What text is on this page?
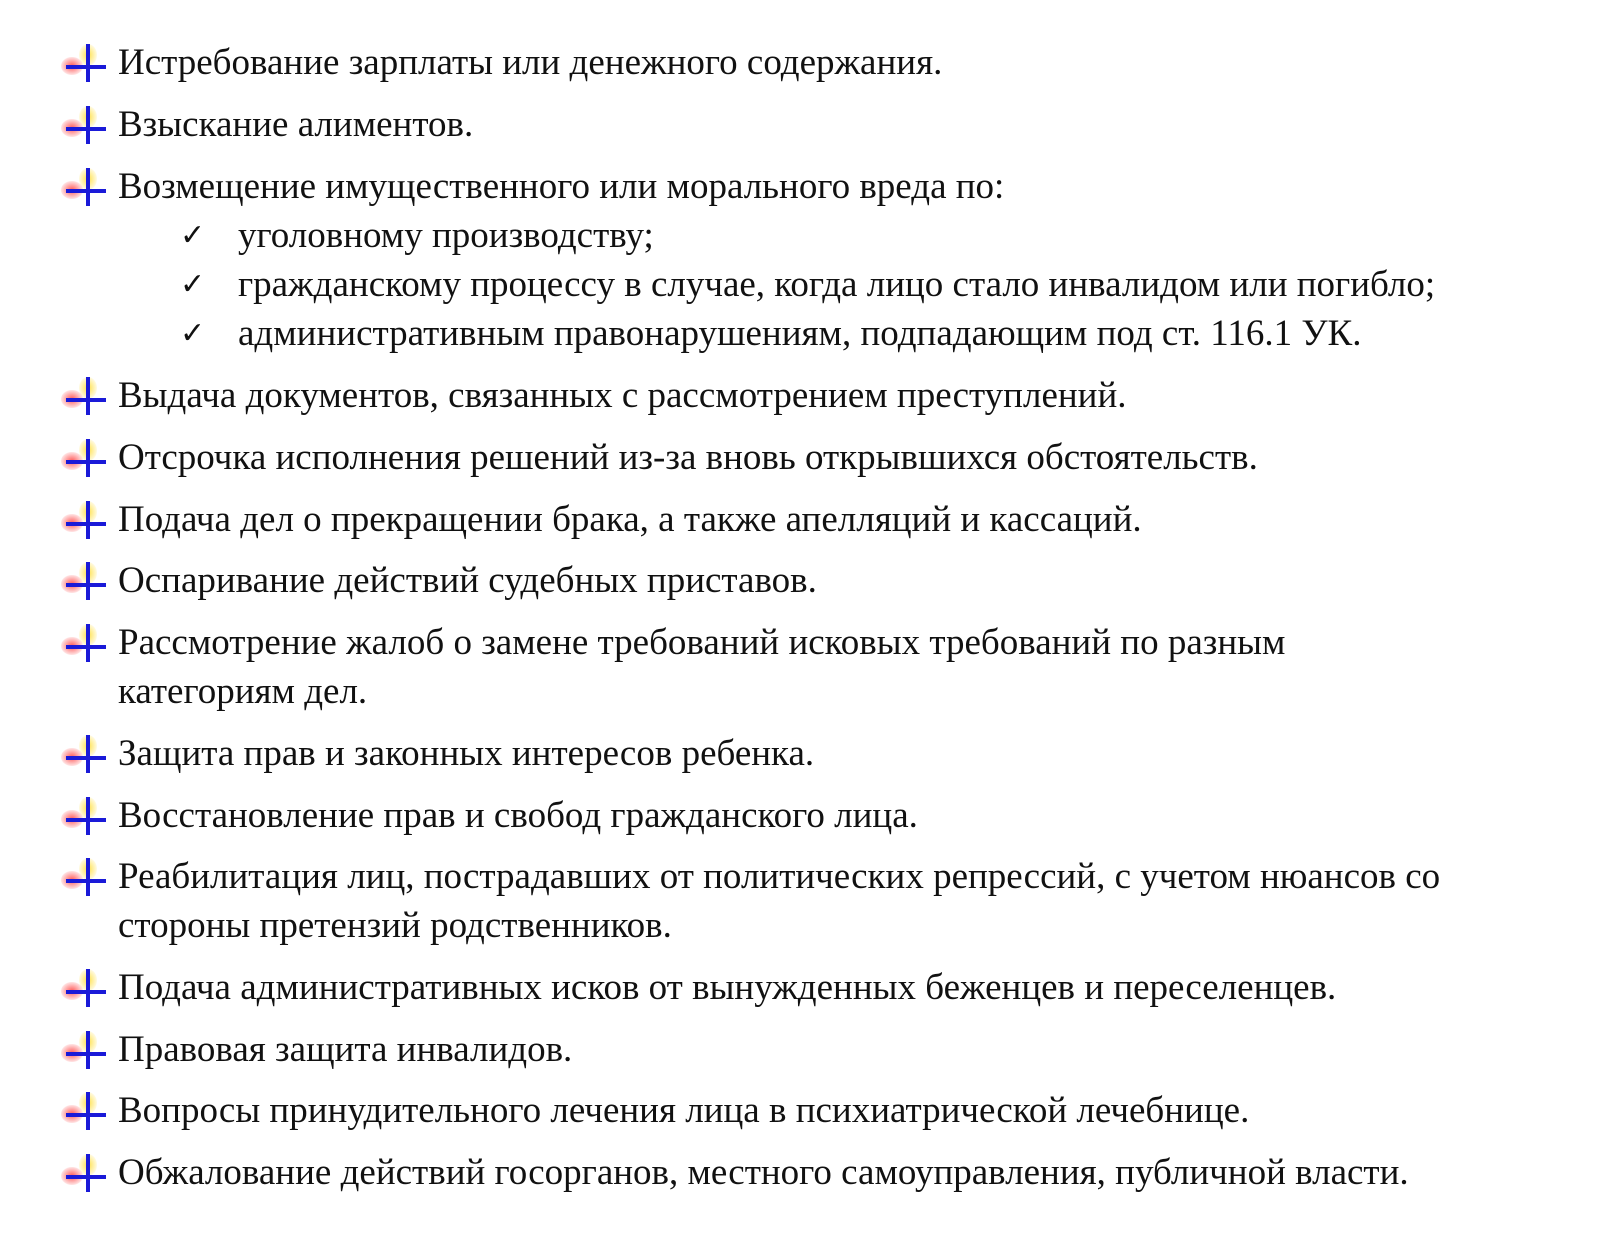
Истребование зарплаты или денежного содержания.
Взыскание алиментов.
Возмещение имущественного или морального вреда по:
✓ уголовному производству;
✓ гражданскому процессу в случае, когда лицо стало инвалидом или погибло;
✓ административным правонарушениям, подпадающим под ст. 116.1 УК.
Выдача документов, связанных с рассмотрением преступлений.
Отсрочка исполнения решений из-за вновь открывшихся обстоятельств.
Подача дел о прекращении брака, а также апелляций и кассаций.
Оспаривание действий судебных приставов.
Рассмотрение жалоб о замене требований исковых требований по разным
категориям дел.
Защита прав и законных интересов ребенка.
Восстановление прав и свобод гражданского лица.
Реабилитация лиц, пострадавших от политических репрессий, с учетом нюансов со
стороны претензий родственников.
Подача административных исков от вынужденных беженцев и переселенцев.
Правовая защита инвалидов.
Вопросы принудительного лечения лица в психиатрической лечебнице.
Обжалование действий госорганов, местного самоуправления, публичной власти.
